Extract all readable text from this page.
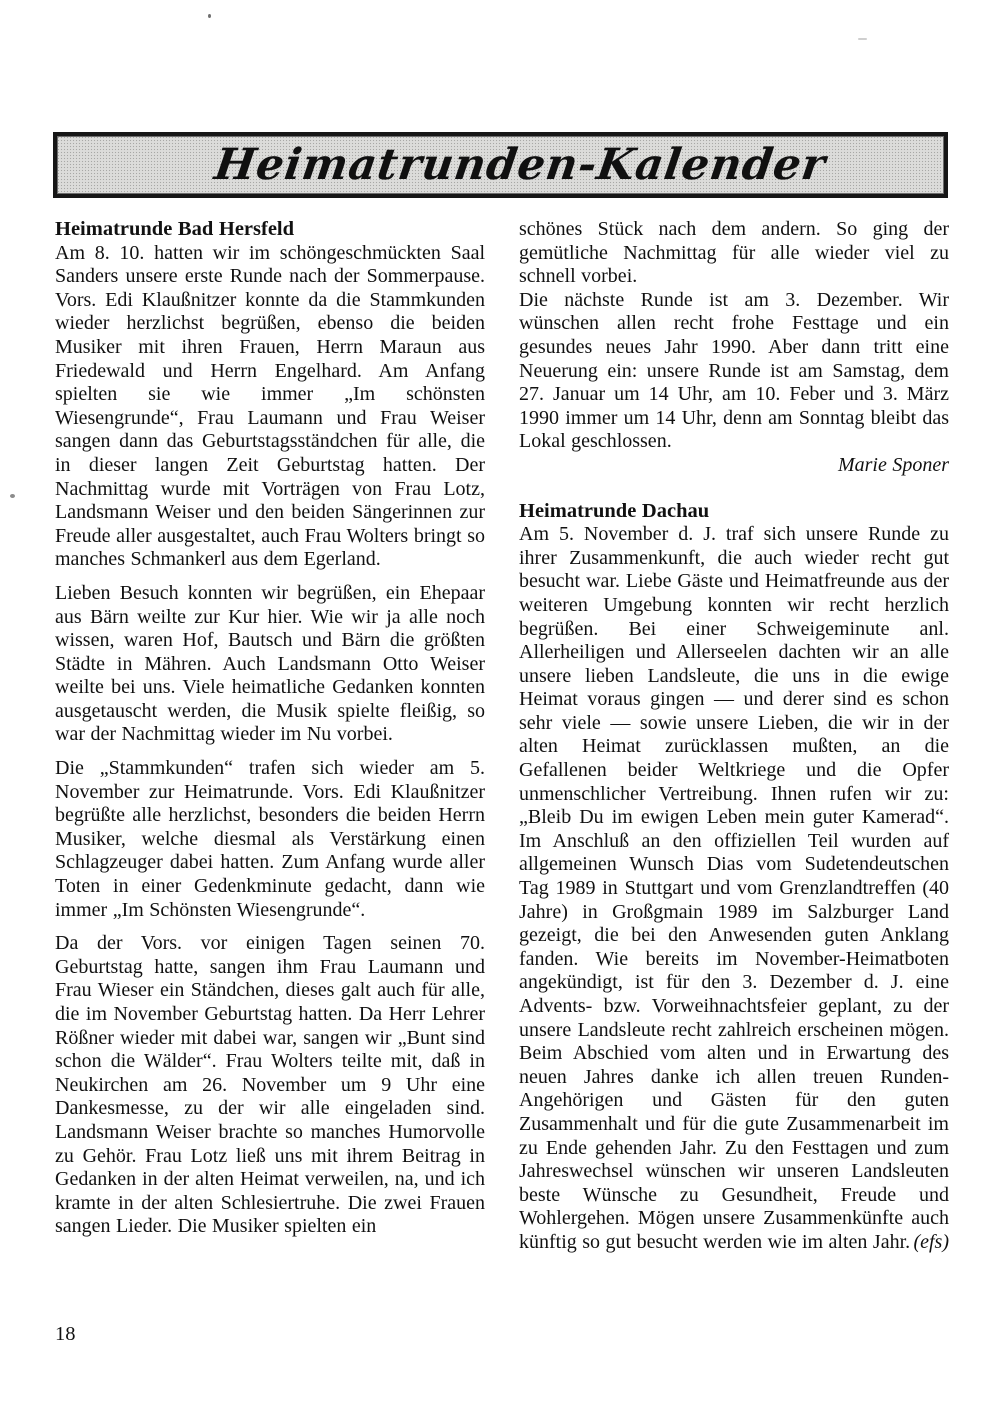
Heimatrunden-Kalender
Heimatrunde Bad Hersfeld

Am 8. 10. hatten wir im schöngeschmückten Saal Sanders unsere erste Runde nach der Sommerpause. Vors. Edi Klaußnitzer konnte da die Stammkunden wieder herzlichst begrüßen, ebenso die beiden Musiker mit ihren Frauen, Herrn Maraun aus Friedewald und Herrn Engelhard. Am Anfang spielten sie wie immer „Im schönsten Wiesengrunde“, Frau Laumann und Frau Weiser sangen dann das Geburtstagsständchen für alle, die in dieser langen Zeit Geburtstag hatten. Der Nachmittag wurde mit Vorträgen von Frau Lotz, Landsmann Weiser und den beiden Sängerinnen zur Freude aller ausgestaltet, auch Frau Wolters bringt so manches Schmankerl aus dem Egerland.

Lieben Besuch konnten wir begrüßen, ein Ehepaar aus Bärn weilte zur Kur hier. Wie wir ja alle noch wissen, waren Hof, Bautsch und Bärn die größten Städte in Mähren. Auch Landsmann Otto Weiser weilte bei uns. Viele heimatliche Gedanken konnten ausgetauscht werden, die Musik spielte fleißig, so war der Nachmittag wieder im Nu vorbei.

Die „Stammkunden“ trafen sich wieder am 5. November zur Heimatrunde. Vors. Edi Klaußnitzer begrüßte alle herzlichst, besonders die beiden Herrn Musiker, welche diesmal als Verstärkung einen Schlagzeuger dabei hatten. Zum Anfang wurde aller Toten in einer Gedenkminute gedacht, dann wie immer „Im Schönsten Wiesengrunde“.

Da der Vors. vor einigen Tagen seinen 70. Geburtstag hatte, sangen ihm Frau Laumann und Frau Wieser ein Ständchen, dieses galt auch für alle, die im November Geburtstag hatten. Da Herr Lehrer Rößner wieder mit dabei war, sangen wir „Bunt sind schon die Wälder“. Frau Wolters teilte mit, daß in Neukirchen am 26. November um 9 Uhr eine Dankesmesse, zu der wir alle eingeladen sind. Landsmann Weiser brachte so manches Humorvolle zu Gehör. Frau Lotz ließ uns mit ihrem Beitrag in Gedanken in der alten Heimat verweilen, na, und ich kramte in der alten Schlesiertruhe. Die zwei Frauen sangen Lieder. Die Musiker spielten ein

schönes Stück nach dem andern. So ging der gemütliche Nachmittag für alle wieder viel zu schnell vorbei.

Die nächste Runde ist am 3. Dezember. Wir wünschen allen recht frohe Festtage und ein gesundes neues Jahr 1990. Aber dann tritt eine Neuerung ein: unsere Runde ist am Samstag, dem 27. Januar um 14 Uhr, am 10. Feber und 3. März 1990 immer um 14 Uhr, denn am Sonntag bleibt das Lokal geschlossen.

Marie Sponer
Heimatrunde Dachau

Am 5. November d. J. traf sich unsere Runde zu ihrer Zusammenkunft, die auch wieder recht gut besucht war. Liebe Gäste und Heimatfreunde aus der weiteren Umgebung konnten wir recht herzlich begrüßen. Bei einer Schweigeminute anl. Allerheiligen und Allerseelen dachten wir an alle unsere lieben Landsleute, die uns in die ewige Heimat voraus gingen — und derer sind es schon sehr viele — sowie unsere Lieben, die wir in der alten Heimat zurücklassen mußten, an die Gefallenen beider Weltkriege und die Opfer unmenschlicher Vertreibung. Ihnen rufen wir zu: „Bleib Du im ewigen Leben mein guter Kamerad“. Im Anschluß an den offiziellen Teil wurden auf allgemeinen Wunsch Dias vom Sudetendeutschen Tag 1989 in Stuttgart und vom Grenzlandtreffen (40 Jahre) in Großgmain 1989 im Salzburger Land gezeigt, die bei den Anwesenden guten Anklang fanden. Wie bereits im November-Heimatboten angekündigt, ist für den 3. Dezember d. J. eine Advents- bzw. Vorweihnachtsfeier geplant, zu der unsere Landsleute recht zahlreich erscheinen mögen. Beim Abschied vom alten und in Erwartung des neuen Jahres danke ich allen treuen Runden-Angehörigen und Gästen für den guten Zusammenhalt und für die gute Zusammenarbeit im zu Ende gehenden Jahr. Zu den Festtagen und zum Jahreswechsel wünschen wir unseren Landsleuten beste Wünsche zu Gesundheit, Freude und Wohlergehen. Mögen unsere Zusammenkünfte auch künftig so gut besucht werden wie im alten Jahr. (efs)

18
